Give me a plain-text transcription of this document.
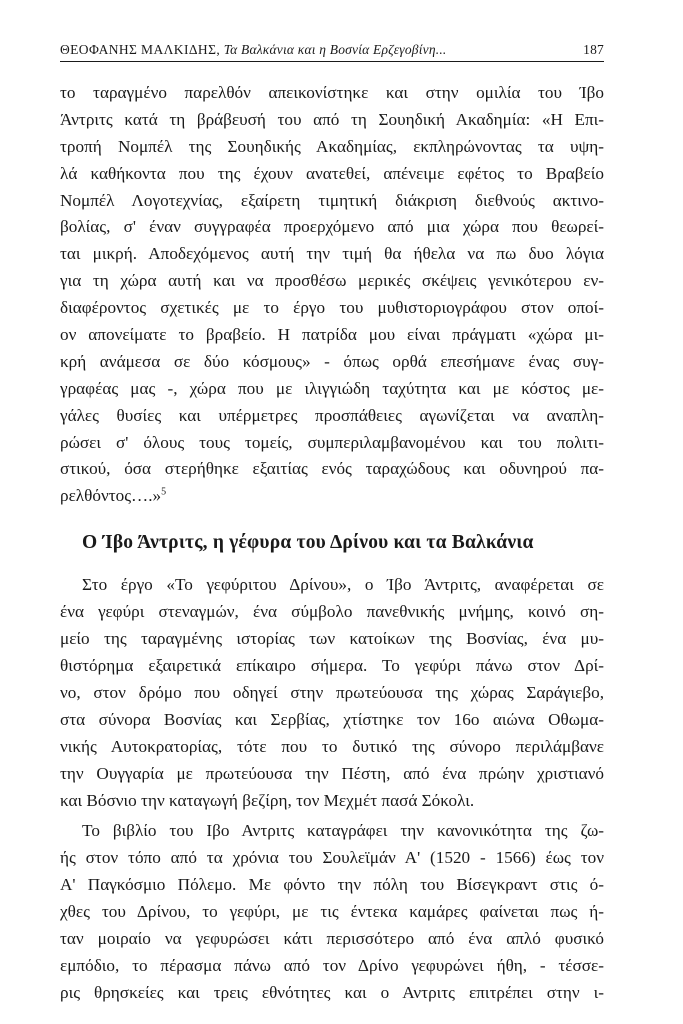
ΘΕΟΦΑΝΗΣ ΜΑΛΚΙΔΗΣ, Τα Βαλκάνια και η Βοσνία Ερζεγοβίνη...	187
το ταραγμένο παρελθόν απεικονίστηκε και στην ομιλία του Ίβο
Άντριτς κατά τη βράβευσή του από τη Σουηδική Ακαδημία: «Η Επι-
τροπή Νομπέλ της Σουηδικής Ακαδημίας, εκπληρώνοντας τα υψη-
λά καθήκοντα που της έχουν ανατεθεί, απένειμε εφέτος το Βραβείο
Νομπέλ Λογοτεχνίας, εξαίρετη τιμητική διάκριση διεθνούς ακτινο-
βολίας, σ' έναν συγγραφέα προερχόμενο από μια χώρα που θεωρεί-
ται μικρή. Αποδεχόμενος αυτή την τιμή θα ήθελα να πω δυο λόγια
για τη χώρα αυτή και να προσθέσω μερικές σκέψεις γενικότερου εν-
διαφέροντος σχετικές με το έργο του μυθιστοριογράφου στον οποί-
ον απονείματε το βραβείο. Η πατρίδα μου είναι πράγματι «χώρα μι-
κρή ανάμεσα σε δύο κόσμους» - όπως ορθά επεσήμανε ένας συγ-
γραφέας μας -, χώρα που με ιλιγγιώδη ταχύτητα και με κόστος με-
γάλες θυσίες και υπέρμετρες προσπάθειες αγωνίζεται να αναπλη-
ρώσει σ' όλους τους τομείς, συμπεριλαμβανομένου και του πολιτι-
στικού, όσα στερήθηκε εξαιτίας ενός ταραχώδους και οδυνηρού πα-
ρελθόντος….»$^5$
Ο Ίβο Άντριτς, η γέφυρα του Δρίνου και τα Βαλκάνια
Στο έργο «Το γεφύριτου Δρίνου», ο Ίβο Άντριτς, αναφέρεται σε
ένα γεφύρι στεναγμών, ένα σύμβολο πανεθνικής μνήμης, κοινό ση-
μείο της ταραγμένης ιστορίας των κατοίκων της Βοσνίας, ένα μυ-
θιστόρημα εξαιρετικά επίκαιρο σήμερα. Το γεφύρι πάνω στον Δρί-
νο, στον δρόμο που οδηγεί στην πρωτεύουσα της χώρας Σαράγιεβο,
στα σύνορα Βοσνίας και Σερβίας, χτίστηκε τον 16ο αιώνα Οθωμα-
νικής Αυτοκρατορίας, τότε που το δυτικό της σύνορο περιλάμβανε
την Ουγγαρία με πρωτεύουσα την Πέστη, από ένα πρώην χριστιανό
και Βόσνιο την καταγωγή βεζίρη, τον Μεχμέτ πασά Σόκολι.
Το βιβλίο του Ιβο Αντριτς καταγράφει την κανονικότητα της ζω-
ής στον τόπο από τα χρόνια του Σουλεϊμάν Α' (1520 - 1566) έως τον
Α' Παγκόσμιο Πόλεμο. Με φόντο την πόλη του Βίσεγκραντ στις ό-
χθες του Δρίνου, το γεφύρι, με τις έντεκα καμάρες φαίνεται πως ή-
ταν μοιραίο να γεφυρώσει κάτι περισσότερο από ένα απλό φυσικό
εμπόδιο, το πέρασμα πάνω από τον Δρίνο γεφυρώνει ήθη, - τέσσε-
ρις θρησκείες και τρεις εθνότητες και ο Αντριτς επιτρέπει στην ι-
